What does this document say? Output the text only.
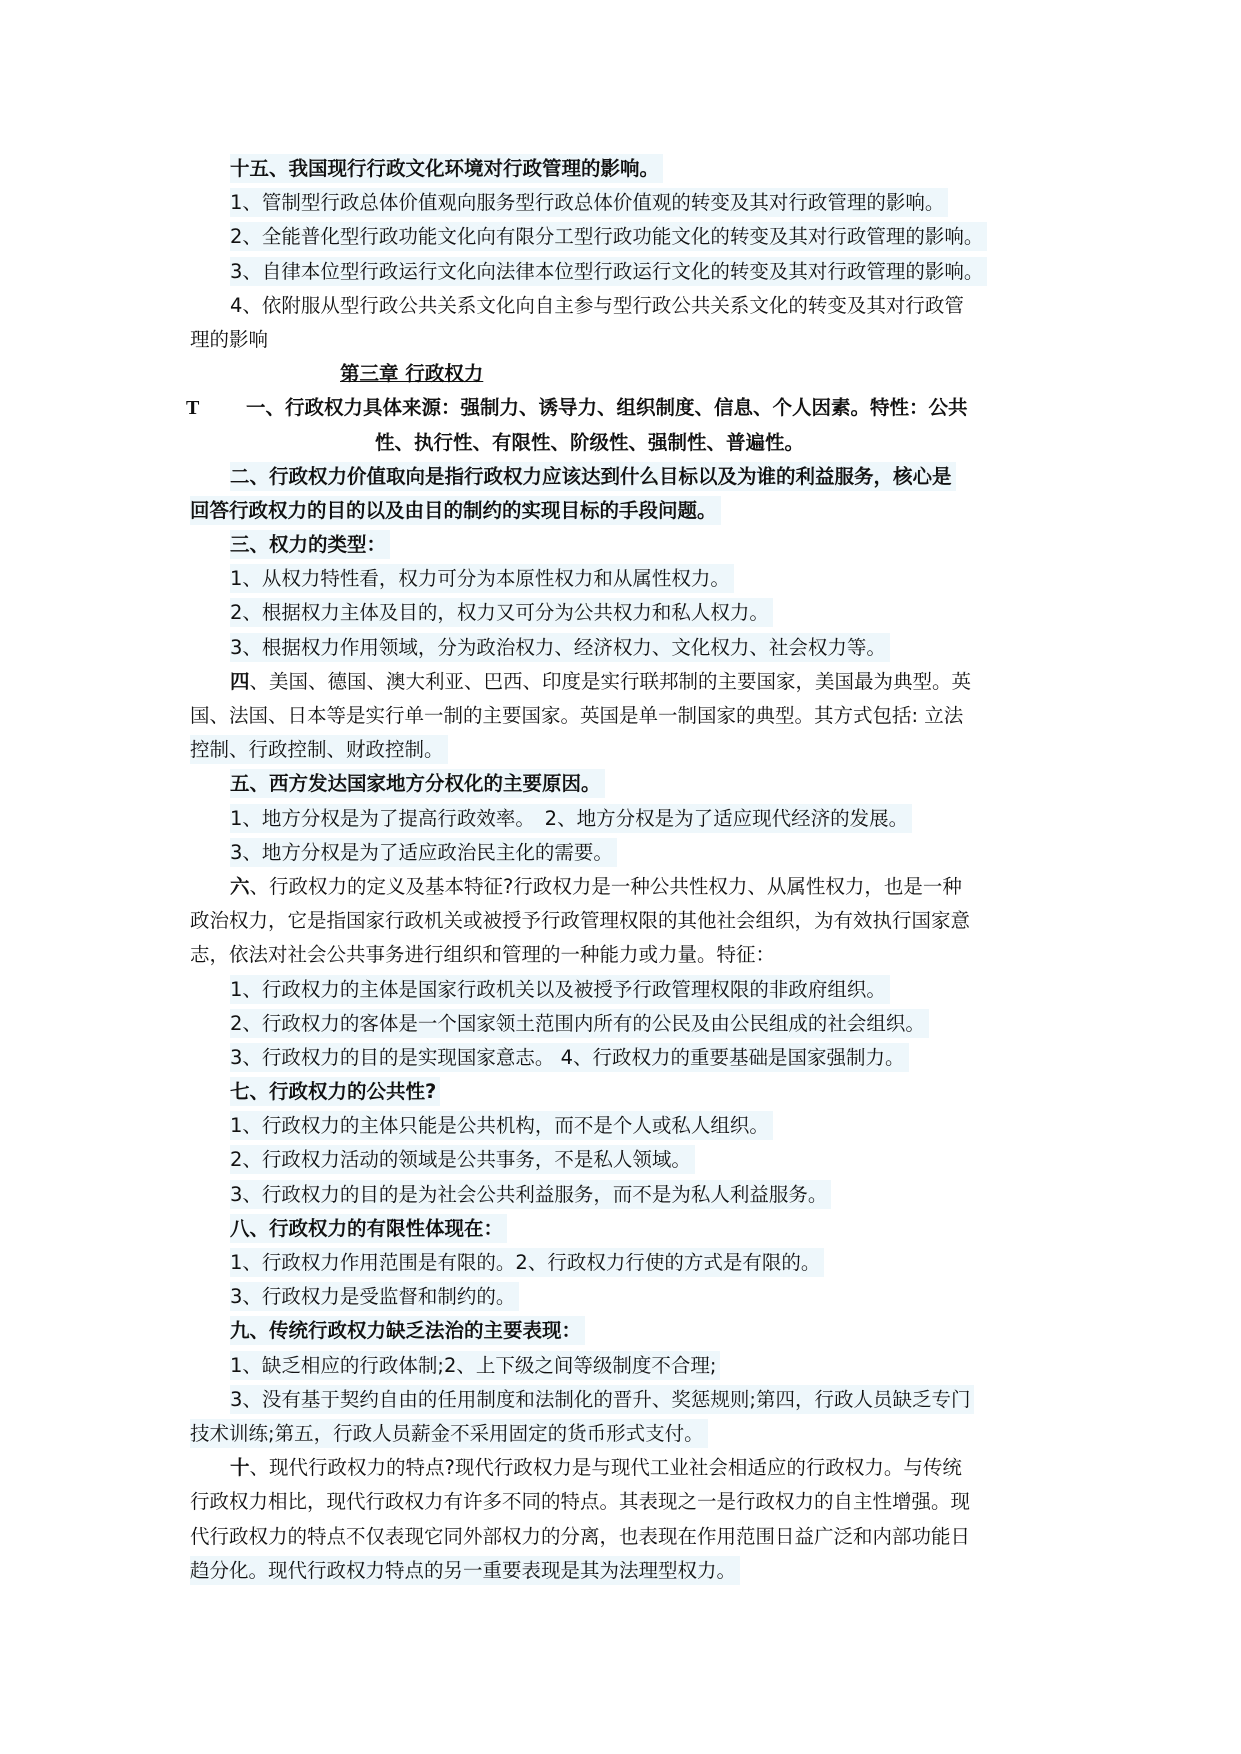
十五、我国现行行政文化环境对行政管理的影响。
1、管制型行政总体价值观向服务型行政总体价值观的转变及其对行政管理的影响。
2、全能普化型行政功能文化向有限分工型行政功能文化的转变及其对行政管理的影响。
3、自律本位型行政运行文化向法律本位型行政运行文化的转变及其对行政管理的影响。
4、依附服从型行政公共关系文化向自主参与型行政公共关系文化的转变及其对行政管
理的影响
第三章 行政权力
T 一、行政权力具体来源：强制力、诱导力、组织制度、信息、个人因素。特性：公共
性、执行性、有限性、阶级性、强制性、普遍性。
二、行政权力价值取向是指行政权力应该达到什么目标以及为谁的利益服务，核心是
回答行政权力的目的以及由目的制约的实现目标的手段问题。
三、权力的类型：
1、从权力特性看，权力可分为本原性权力和从属性权力。
2、根据权力主体及目的，权力又可分为公共权力和私人权力。
3、根据权力作用领域，分为政治权力、经济权力、文化权力、社会权力等。
四、美国、德国、澳大利亚、巴西、印度是实行联邦制的主要国家，美国最为典型。英
国、法国、日本等是实行单一制的主要国家。英国是单一制国家的典型。其方式包括: 立法
控制、行政控制、财政控制。
五、西方发达国家地方分权化的主要原因。
1、地方分权是为了提高行政效率。　2、地方分权是为了适应现代经济的发展。
3、地方分权是为了适应政治民主化的需要。
六、行政权力的定义及基本特征?行政权力是一种公共性权力、从属性权力，也是一种
政治权力，它是指国家行政机关或被授予行政管理权限的其他社会组织，为有效执行国家意
志，依法对社会公共事务进行组织和管理的一种能力或力量。特征：
1、行政权力的主体是国家行政机关以及被授予行政管理权限的非政府组织。
2、行政权力的客体是一个国家领土范围内所有的公民及由公民组成的社会组织。
3、行政权力的目的是实现国家意志。 4、行政权力的重要基础是国家强制力。
七、行政权力的公共性?
1、行政权力的主体只能是公共机构，而不是个人或私人组织。
2、行政权力活动的领域是公共事务，不是私人领域。
3、行政权力的目的是为社会公共利益服务，而不是为私人利益服务。
八、行政权力的有限性体现在：
1、行政权力作用范围是有限的。2、行政权力行使的方式是有限的。
3、行政权力是受监督和制约的。
九、传统行政权力缺乏法治的主要表现：
1、缺乏相应的行政体制;2、上下级之间等级制度不合理;
3、没有基于契约自由的任用制度和法制化的晋升、奖惩规则;第四，行政人员缺乏专门
技术训练;第五，行政人员薪金不采用固定的货币形式支付。
十、现代行政权力的特点?现代行政权力是与现代工业社会相适应的行政权力。与传统
行政权力相比，现代行政权力有许多不同的特点。其表现之一是行政权力的自主性增强。现
代行政权力的特点不仅表现它同外部权力的分离，也表现在作用范围日益广泛和内部功能日
趋分化。现代行政权力特点的另一重要表现是其为法理型权力。
